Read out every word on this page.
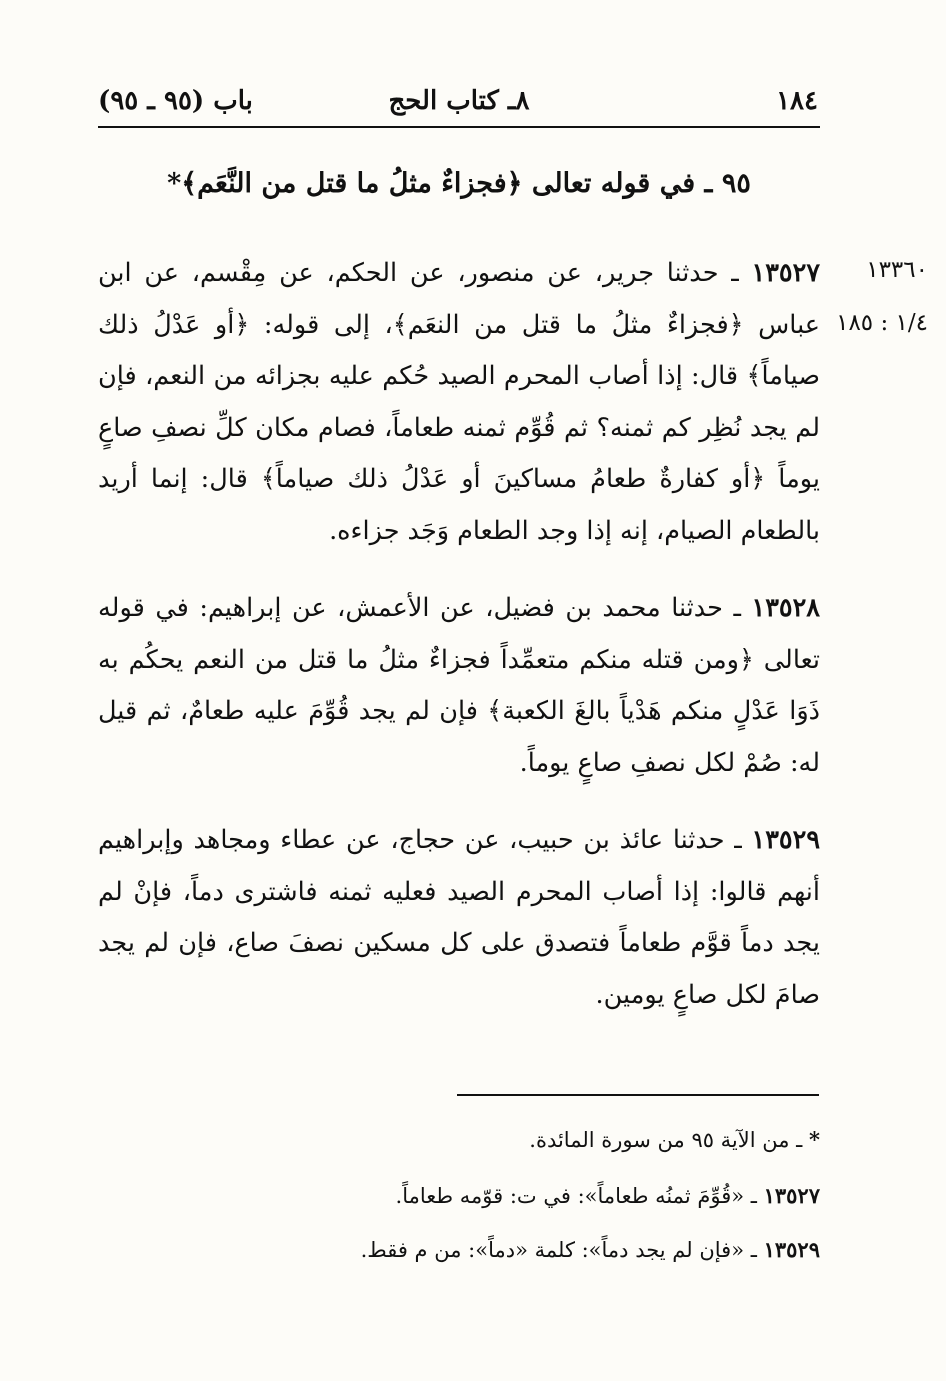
١٨٤
٨ـ كتاب الحج
باب (٩٥ ـ ٩٥)
٩٥ ـ في قوله تعالى ﴿فجزاءٌ مثلُ ما قتل من النَّعَم﴾*
١٣٣٦٠
١/٤ : ١٨٥
١٣٥٢٧ ـ حدثنا جرير، عن منصور، عن الحكم، عن مِقْسم، عن ابن عباس ﴿فجزاءٌ مثلُ ما قتل من النعَم﴾، إلى قوله: ﴿أو عَدْلُ ذلك صياماً﴾ قال: إذا أصاب المحرم الصيد حُكم عليه بجزائه من النعم، فإن لم يجد نُظِر كم ثمنه؟ ثم قُوِّم ثمنه طعاماً، فصام مكان كلِّ نصفِ صاعٍ يوماً ﴿أو كفارةٌ طعامُ مساكينَ أو عَدْلُ ذلك صياماً﴾ قال: إنما أريد بالطعام الصيام، إنه إذا وجد الطعام وَجَد جزاءه.
١٣٥٢٨ ـ حدثنا محمد بن فضيل، عن الأعمش، عن إبراهيم: في قوله تعالى ﴿ومن قتله منكم متعمِّداً فجزاءٌ مثلُ ما قتل من النعم يحكُم به ذَوَا عَدْلٍ منكم هَدْياً بالغَ الكعبة﴾ فإن لم يجد قُوِّمَ عليه طعامٌ، ثم قيل له: صُمْ لكل نصفِ صاعٍ يوماً.
١٣٥٢٩ ـ حدثنا عائذ بن حبيب، عن حجاج، عن عطاء ومجاهد وإبراهيم أنهم قالوا: إذا أصاب المحرم الصيد فعليه ثمنه فاشترى دماً، فإنْ لم يجد دماً قوَّم طعاماً فتصدق على كل مسكين نصفَ صاع، فإن لم يجد صامَ لكل صاعٍ يومين.
* ـ من الآية ٩٥ من سورة المائدة.
١٣٥٢٧ ـ «قُوِّمَ ثمنُه طعاماً»: في ت: قوّمه طعاماً.
١٣٥٢٩ ـ «فإن لم يجد دماً»: كلمة «دماً»: من م فقط.
